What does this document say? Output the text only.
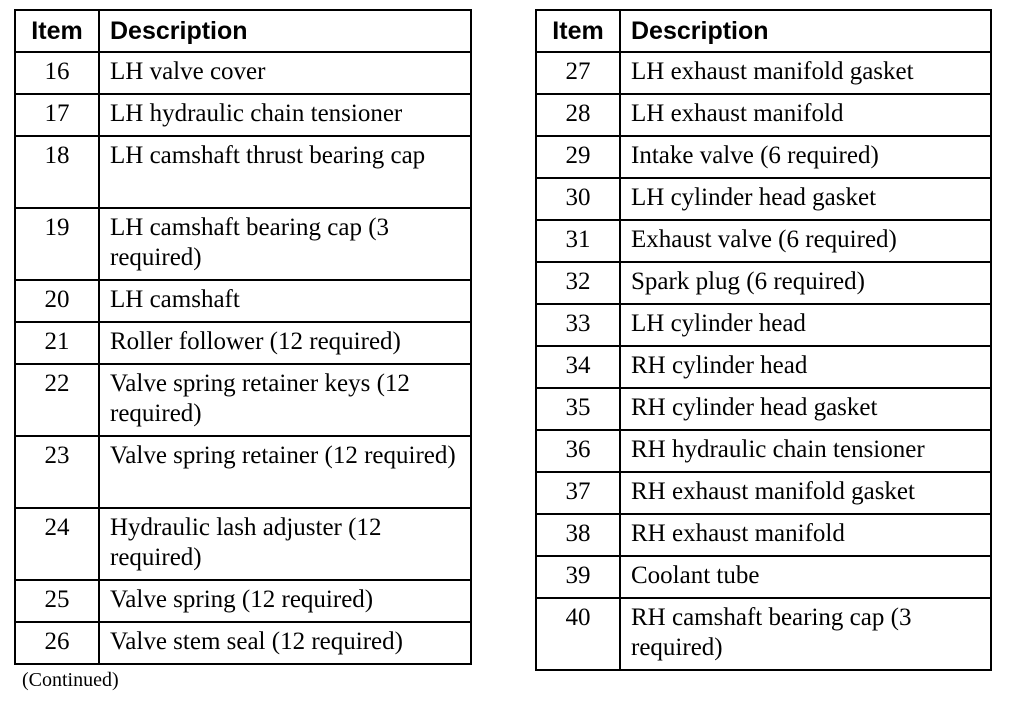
Item	Description
16	LH valve cover
17	LH hydraulic chain tensioner
18	LH camshaft thrust bearing cap
19	LH camshaft bearing cap (3 required)
20	LH camshaft
21	Roller follower (12 required)
22	Valve spring retainer keys (12 required)
23	Valve spring retainer (12 required)
24	Hydraulic lash adjuster (12 required)
25	Valve spring (12 required)
26	Valve stem seal (12 required)
Item	Description
27	LH exhaust manifold gasket
28	LH exhaust manifold
29	Intake valve (6 required)
30	LH cylinder head gasket
31	Exhaust valve (6 required)
32	Spark plug (6 required)
33	LH cylinder head
34	RH cylinder head
35	RH cylinder head gasket
36	RH hydraulic chain tensioner
37	RH exhaust manifold gasket
38	RH exhaust manifold
39	Coolant tube
40	RH camshaft bearing cap (3 required)
(Continued)
